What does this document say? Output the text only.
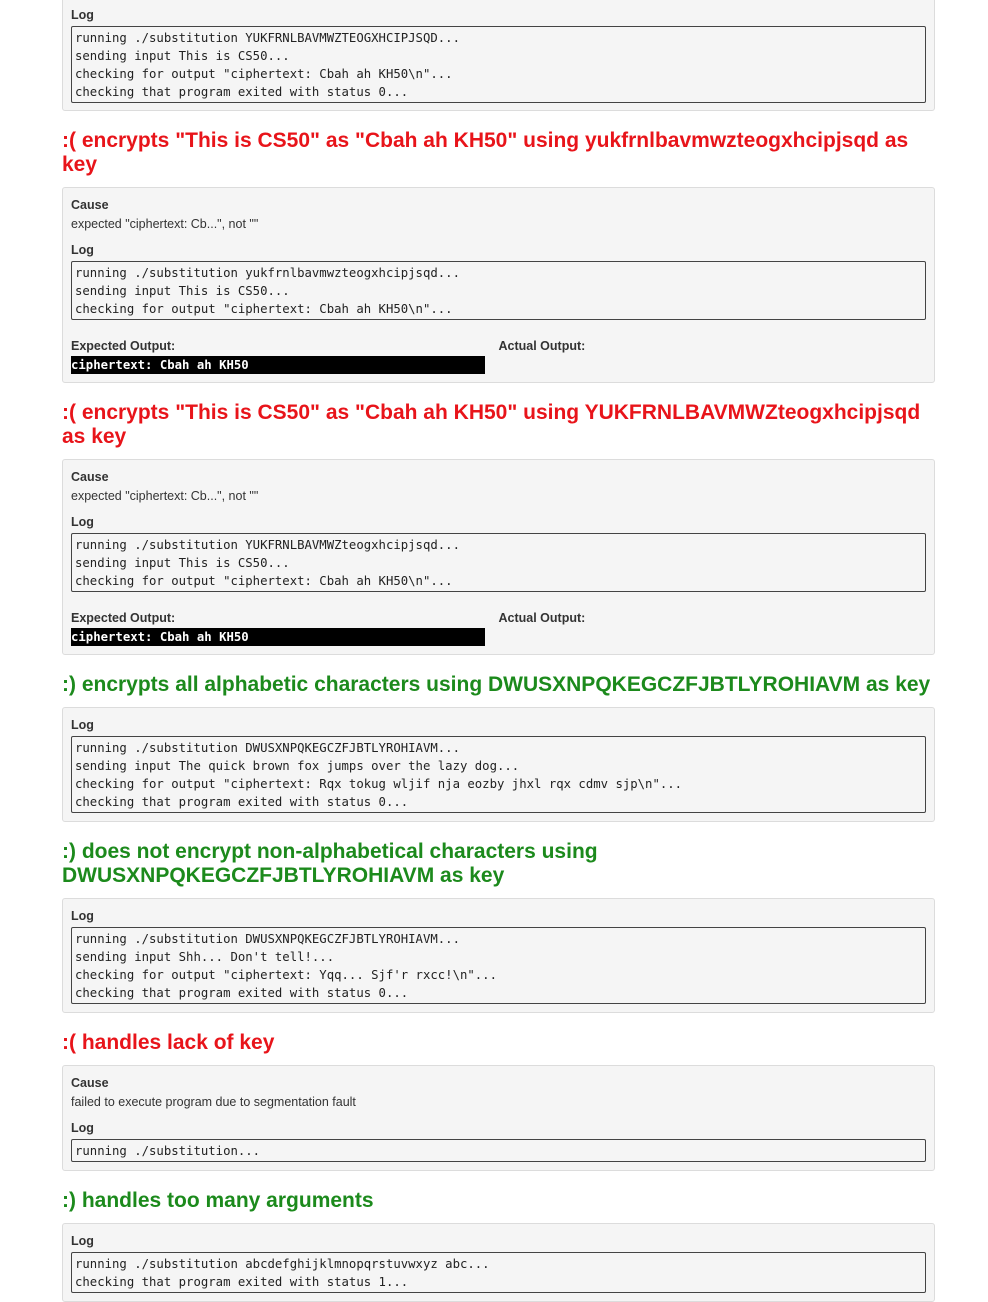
Log
running ./substitution YUKFRNLBAVMWZTEOGXHCIPJSQD...
sending input This is CS50...
checking for output "ciphertext: Cbah ah KH50\n"...
checking that program exited with status 0...
:( encrypts "This is CS50" as "Cbah ah KH50" using yukfrnlbavmwzteogxhcipjsqd as key
Cause
expected "ciphertext: Cb...", not ""
Log
running ./substitution yukfrnlbavmwzteogxhcipjsqd...
sending input This is CS50...
checking for output "ciphertext: Cbah ah KH50\n"...
Expected Output:
ciphertext: Cbah ah KH50
Actual Output:
:( encrypts "This is CS50" as "Cbah ah KH50" using YUKFRNLBAVMWZteogxhcipjsqd as key
Cause
expected "ciphertext: Cb...", not ""
Log
running ./substitution YUKFRNLBAVMWZteogxhcipjsqd...
sending input This is CS50...
checking for output "ciphertext: Cbah ah KH50\n"...
Expected Output:
ciphertext: Cbah ah KH50
Actual Output:
:) encrypts all alphabetic characters using DWUSXNPQKEGCZFJBTLYROHIAVM as key
Log
running ./substitution DWUSXNPQKEGCZFJBTLYROHIAVM...
sending input The quick brown fox jumps over the lazy dog...
checking for output "ciphertext: Rqx tokug wljif nja eozby jhxl rqx cdmv sjp\n"...
checking that program exited with status 0...
:) does not encrypt non-alphabetical characters using DWUSXNPQKEGCZFJBTLYROHIAVM as key
Log
running ./substitution DWUSXNPQKEGCZFJBTLYROHIAVM...
sending input Shh... Don't tell!...
checking for output "ciphertext: Yqq... Sjf'r rxcc!\n"...
checking that program exited with status 0...
:( handles lack of key
Cause
failed to execute program due to segmentation fault
Log
running ./substitution...
:) handles too many arguments
Log
running ./substitution abcdefghijklmnopqrstuvwxyz abc...
checking that program exited with status 1...
